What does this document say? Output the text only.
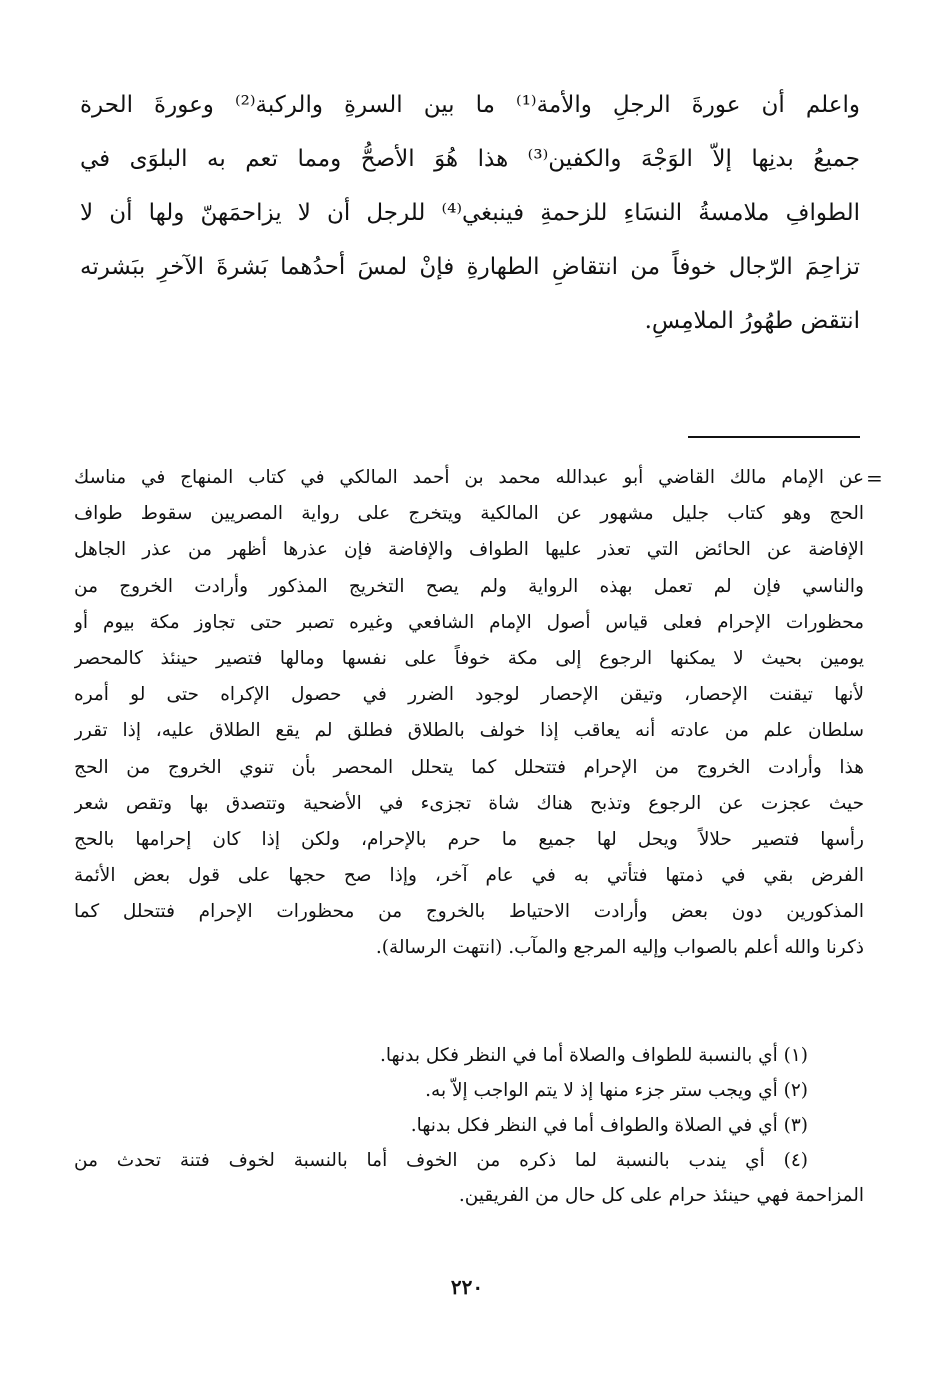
واعلم أن عورةَ الرجلِ والأمة⁽¹⁾ ما بين السرةِ والركبة⁽²⁾ وعورةَ الحرة
جميعُ بدنِها إلاّ الوَجْهَ والكفين⁽³⁾ هذا هُوَ الأصحُّ ومما تعم به البلوَى في
الطوافِ ملامسةُ النسَاءِ للزحمةِ فينبغي⁽⁴⁾ للرجل أن لا يزاحمَهنّ ولها أن لا
تزاحِمَ الرّجال خوفاً من انتقاضِ الطهارةِ فإنْ لمسَ أحدُهما بَشرةَ الآخرِ ببَشرته
انتقض طهُورُ الملامِسِ.
=
عن الإمام مالك القاضي أبو عبدالله محمد بن أحمد المالكي في كتاب المنهاج في مناسك
الحج وهو كتاب جليل مشهور عن المالكية ويتخرج على رواية المصريين سقوط طواف
الإفاضة عن الحائض التي تعذر عليها الطواف والإفاضة فإن عذرها أظهر من عذر الجاهل
والناسي فإن لم تعمل بهذه الرواية ولم يصح التخريج المذكور وأرادت الخروج من
محظورات الإحرام فعلى قياس أصول الإمام الشافعي وغيره تصبر حتى تجاوز مكة بيوم أو
يومين بحيث لا يمكنها الرجوع إلى مكة خوفاً على نفسها ومالها فتصير حينئذ كالمحصر
لأنها تيقنت الإحصار، وتيقن الإحصار لوجود الضرر في حصول الإكراه حتى لو أمره
سلطان علم من عادته أنه يعاقب إذا خولف بالطلاق فطلق لم يقع الطلاق عليه، إذا تقرر
هذا وأرادت الخروج من الإحرام فتتحلل كما يتحلل المحصر بأن تنوي الخروج من الحج
حيث عجزت عن الرجوع وتذبح هناك شاة تجزىء في الأضحية وتتصدق بها وتقص شعر
رأسها فتصير حلالاً ويحل لها جميع ما حرم بالإحرام، ولكن إذا كان إحرامها بالحج
الفرض بقي في ذمتها فتأتي به في عام آخر، وإذا صح حجها على قول بعض الأئمة
المذكورين دون بعض وأرادت الاحتياط بالخروج من محظورات الإحرام فتتحلل كما
ذكرنا والله أعلم بالصواب وإليه المرجع والمآب. (انتهت الرسالة).
(١) أي بالنسبة للطواف والصلاة أما في النظر فكل بدنها.
(٢) أي ويجب ستر جزء منها إذ لا يتم الواجب إلاّ به.
(٣) أي في الصلاة والطواف أما في النظر فكل بدنها.
(٤) أي يندب بالنسبة لما ذكره من الخوف أما بالنسبة لخوف فتنة تحدث من
المزاحمة فهي حينئذ حرام على كل حال من الفريقين.
٢٢٠
